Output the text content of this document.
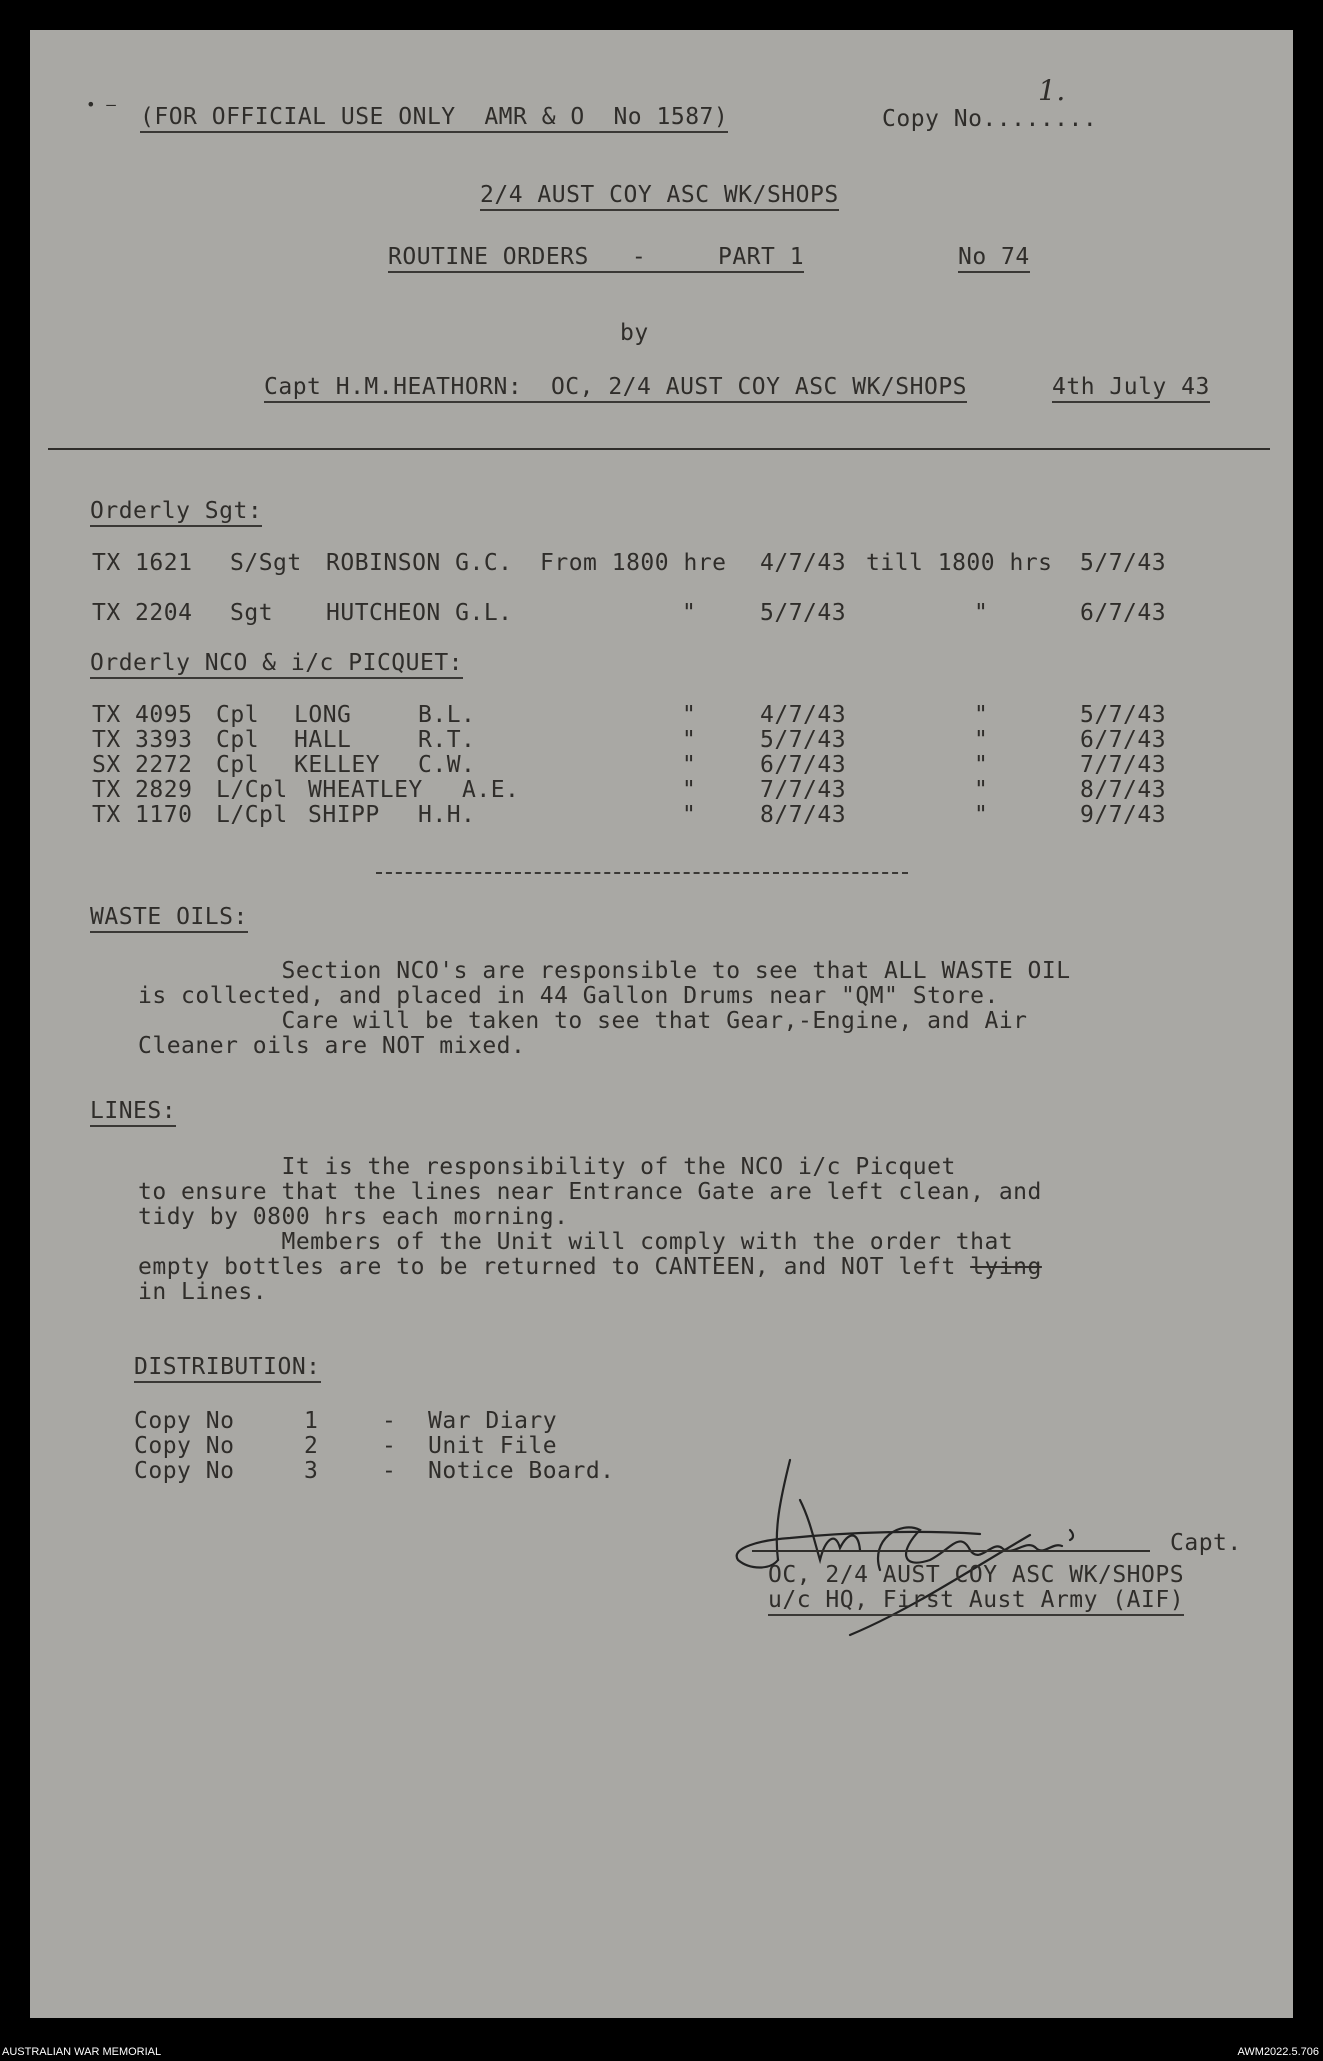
• ‒ (FOR OFFICIAL USE ONLY  AMR & O  No 1587)	Copy No........
1.
2/4 AUST COY ASC WK/SHOPS
ROUTINE ORDERS   -     PART 1	No 74
by
Capt H.M.HEATHORN:  OC, 2/4 AUST COY ASC WK/SHOPS	4th July 43
Orderly Sgt:
TX 1621 S/Sgt ROBINSON G.C. From 1800 hre 4/7/43 till 1800 hrs 5/7/43
TX 2204 Sgt HUTCHEON G.L.	"	5/7/43	"	6/7/43
Orderly NCO & i/c PICQUET:
TX 4095 Cpl LONG	B.L.	"	4/7/43	"	5/7/43
TX 3393 Cpl HALL	R.T.	"	5/7/43	"	6/7/43
SX 2272 Cpl KELLEY C.W.	"	6/7/43	"	7/7/43
TX 2829 L/Cpl WHEATLEY A.E.	"	7/7/43	"	8/7/43
TX 1170 L/Cpl SHIPP H.H.	"	8/7/43	"	9/7/43
WASTE OILS:
Section NCO's are responsible to see that ALL WASTE OIL
is collected, and placed in 44 Gallon Drums near "QM" Store.
Care will be taken to see that Gear,-Engine, and Air
Cleaner oils are NOT mixed.
LINES:
It is the responsibility of the NCO i/c Picquet
to ensure that the lines near Entrance Gate are left clean, and
tidy by 0800 hrs each morning.
Members of the Unit will comply with the order that
empty bottles are to be returned to CANTEEN, and NOT left lying
in Lines.
DISTRIBUTION:
Copy No	1	- War Diary
Copy No	2	- Unit File
Copy No	3	- Notice Board.
Capt.
OC, 2/4 AUST COY ASC WK/SHOPS
u/c HQ, First Aust Army (AIF)
AUSTRALIAN WAR MEMORIAL	AWM2022.5.706
